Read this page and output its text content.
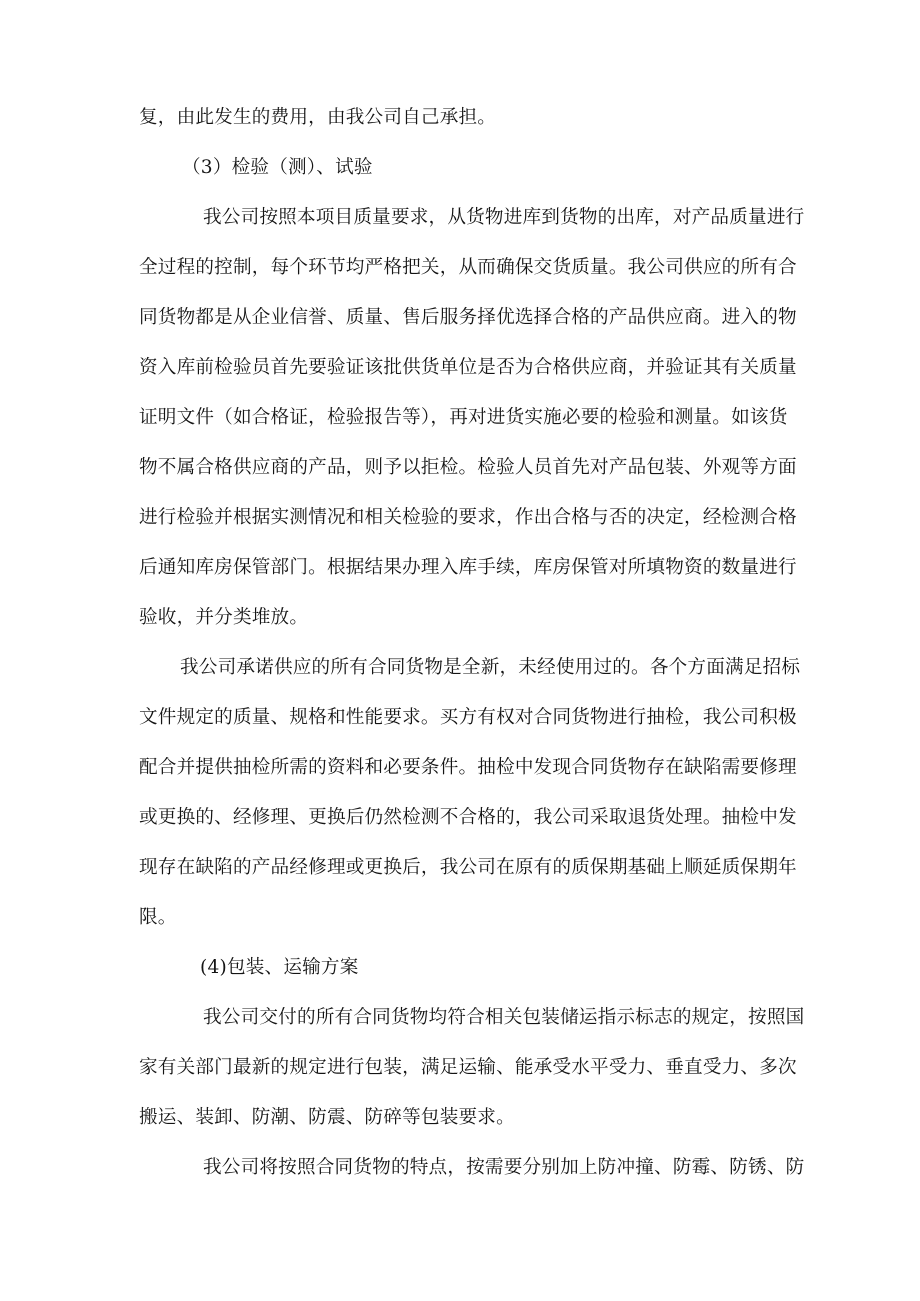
复，由此发生的费用，由我公司自己承担。
（3）检验（测）、试验
我公司按照本项目质量要求，从货物进库到货物的出库，对产品质量进行
全过程的控制，每个环节均严格把关，从而确保交货质量。我公司供应的所有合
同货物都是从企业信誉、质量、售后服务择优选择合格的产品供应商。进入的物
资入库前检验员首先要验证该批供货单位是否为合格供应商，并验证其有关质量
证明文件（如合格证，检验报告等），再对进货实施必要的检验和测量。如该货
物不属合格供应商的产品，则予以拒检。检验人员首先对产品包装、外观等方面
进行检验并根据实测情况和相关检验的要求，作出合格与否的决定，经检测合格
后通知库房保管部门。根据结果办理入库手续，库房保管对所填物资的数量进行
验收，并分类堆放。
我公司承诺供应的所有合同货物是全新，未经使用过的。各个方面满足招标
文件规定的质量、规格和性能要求。买方有权对合同货物进行抽检，我公司积极
配合并提供抽检所需的资料和必要条件。抽检中发现合同货物存在缺陷需要修理
或更换的、经修理、更换后仍然检测不合格的，我公司采取退货处理。抽检中发
现存在缺陷的产品经修理或更换后，我公司在原有的质保期基础上顺延质保期年
限。
(4)包装、运输方案
我公司交付的所有合同货物均符合相关包装储运指示标志的规定，按照国
家有关部门最新的规定进行包装，满足运输、能承受水平受力、垂直受力、多次
搬运、装卸、防潮、防震、防碎等包装要求。
我公司将按照合同货物的特点，按需要分别加上防冲撞、防霉、防锈、防
